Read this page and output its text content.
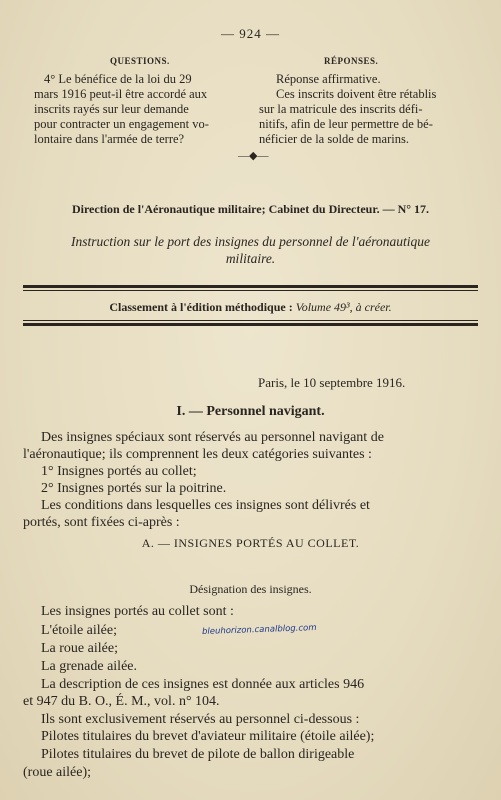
— 924 —
QUESTIONS.	RÉPONSES.
4° Le bénéfice de la loi du 29
mars 1916 peut-il être accordé aux
inscrits rayés sur leur demande
pour contracter un engagement vo-
lontaire dans l'armée de terre?
Réponse affirmative.
Ces inscrits doivent être rétablis
sur la matricule des inscrits défi-
nitifs, afin de leur permettre de bé-
néficier de la solde de marins.
—◆—
Direction de l'Aéronautique militaire; Cabinet du Directeur. — N° 17.
Instruction sur le port des insignes du personnel de l'aéronautique
militaire.
Classement à l'édition méthodique : Volume 49³, à créer.
Paris, le 10 septembre 1916.
I. — Personnel navigant.
Des insignes spéciaux sont réservés au personnel navigant de
l'aéronautique; ils comprennent les deux catégories suivantes :
1° Insignes portés au collet;
2° Insignes portés sur la poitrine.
Les conditions dans lesquelles ces insignes sont délivrés et
portés, sont fixées ci-après :
A. — INSIGNES PORTÉS AU COLLET.
Désignation des insignes.
Les insignes portés au collet sont :
L'étoile ailée;
La roue ailée;
La grenade ailée.
La description de ces insignes est donnée aux articles 946
et 947 du B. O., É. M., vol. n° 104.
Ils sont exclusivement réservés au personnel ci-dessous :
Pilotes titulaires du brevet d'aviateur militaire (étoile ailée);
Pilotes titulaires du brevet de pilote de ballon dirigeable
(roue ailée);
bleuhorizon.canalblog.com
